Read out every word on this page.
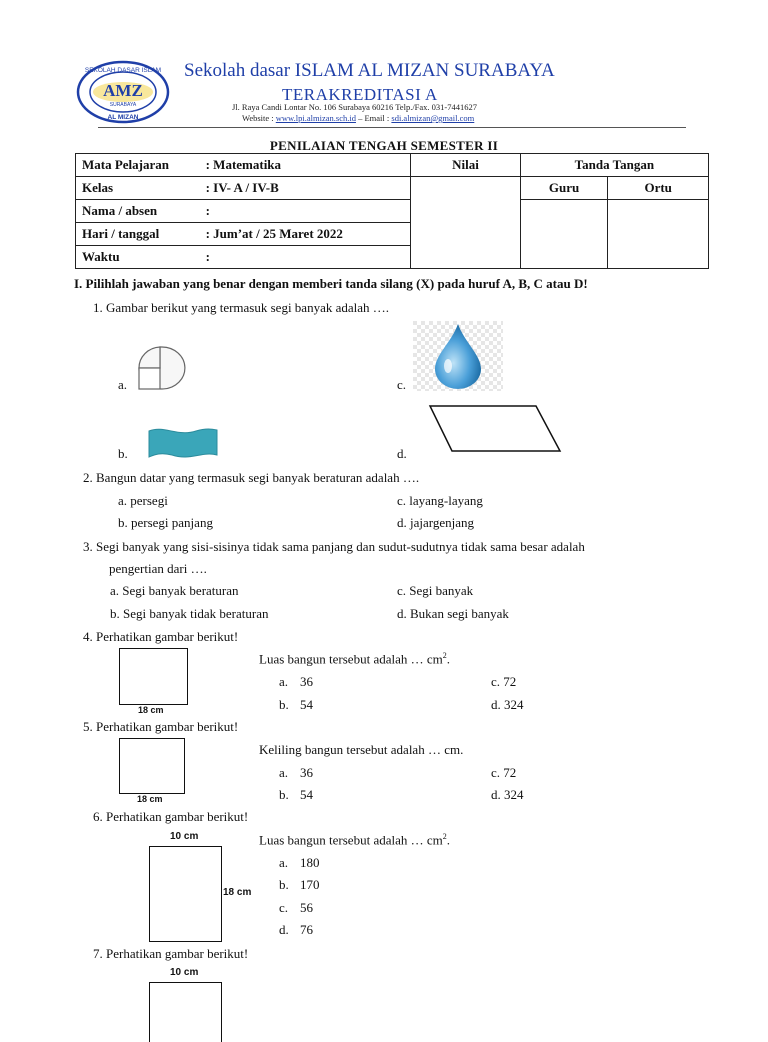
SEKOLAH DASAR ISLAM
AMZ
SURABAYA
AL MIZAN
Sekolah dasar ISLAM AL MIZAN SURABAYA
TERAKREDITASI A
Jl. Raya Candi Lontar No. 106 Surabaya 60216 Telp./Fax. 031-7441627
Website : www.lpi.almizan.sch.id – Email : sdi.almizan@gmail.com
PENILAIAN TENGAH SEMESTER II
Mata Pelajaran	: Matematika	Nilai	Tanda Tangan	
Kelas	: IV- A / IV-B		Guru	Ortu
Nama / absen	:			
Hari / tanggal	: Jum’at / 25 Maret 2022			
Waktu	:			
I. Pilihlah jawaban yang benar dengan memberi tanda silang (X) pada huruf A, B, C atau D!
1. Gambar berikut yang termasuk segi banyak adalah ….
a.
b.
c.
d.
2. Bangun datar yang termasuk segi banyak beraturan adalah ….
a. persegi
b. persegi panjang
c. layang-layang
d. jajargenjang
3. Segi banyak yang sisi-sisinya tidak sama panjang dan sudut-sudutnya tidak sama besar adalah
pengertian dari ….
a. Segi banyak beraturan
b. Segi banyak tidak beraturan
c. Segi banyak
d. Bukan segi banyak
4. Perhatikan gambar berikut!
18 cm
Luas bangun tersebut adalah … $cm^2$.
a. 36
b. 54
c. 72
d. 324
5. Perhatikan gambar berikut!
18 cm
Keliling bangun tersebut adalah … cm.
a. 36
b. 54
c. 72
d. 324
6. Perhatikan gambar berikut!
10 cm
18 cm
Luas bangun tersebut adalah … $cm^2$.
a. 180
b. 170
c. 56
d. 76
7. Perhatikan gambar berikut!
10 cm
